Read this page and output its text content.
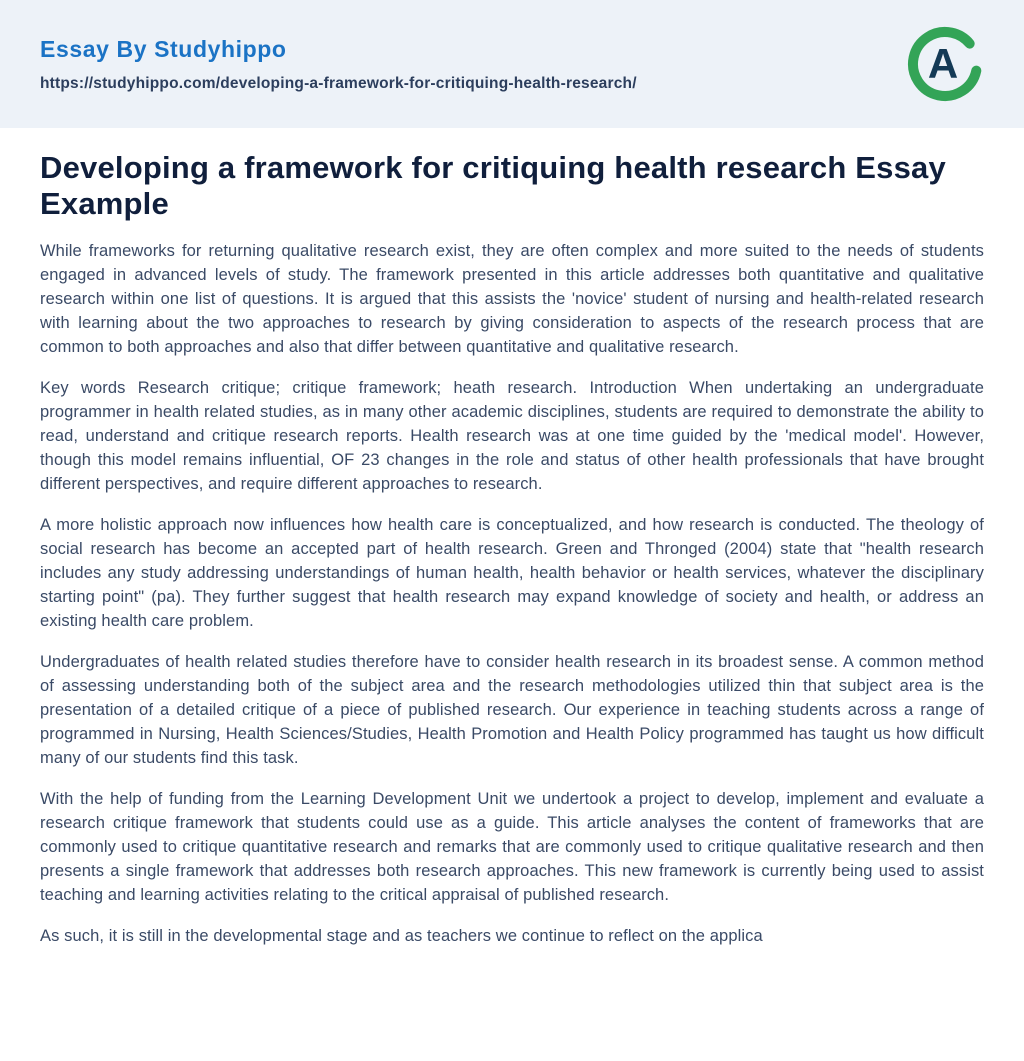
Essay By Studyhippo
https://studyhippo.com/developing-a-framework-for-critiquing-health-research/	A
Developing a framework for critiquing health research Essay Example

While frameworks for returning qualitative research exist, they are often complex and more suited to the needs of students engaged in advanced levels of study. The framework presented in this article addresses both quantitative and qualitative research within one list of questions. It is argued that this assists the 'novice' student of nursing and health-related research with learning about the two approaches to research by giving consideration to aspects of the research process that are common to both approaches and also that differ between quantitative and qualitative research.

Key words Research critique; critique framework; heath research. Introduction When undertaking an undergraduate programmer in health related studies, as in many other academic disciplines, students are required to demonstrate the ability to read, understand and critique research reports. Health research was at one time guided by the 'medical model'. However, though this model remains influential, OF 23 changes in the role and status of other health professionals that have brought different perspectives, and require different approaches to research.

A more holistic approach now influences how health care is conceptualized, and how research is conducted. The theology of social research has become an accepted part of health research. Green and Thronged (2004) state that "health research includes any study addressing understandings of human health, health behavior or health services, whatever the disciplinary starting point" (pa). They further suggest that health research may expand knowledge of society and health, or address an existing health care problem.

Undergraduates of health related studies therefore have to consider health research in its broadest sense. A common method of assessing understanding both of the subject area and the research methodologies utilized thin that subject area is the presentation of a detailed critique of a piece of published research. Our experience in teaching students across a range of programmed in Nursing, Health Sciences/Studies, Health Promotion and Health Policy programmed has taught us how difficult many of our students find this task.

With the help of funding from the Learning Development Unit we undertook a project to develop, implement and evaluate a research critique framework that students could use as a guide. This article analyses the content of frameworks that are commonly used to critique quantitative research and remarks that are commonly used to critique qualitative research and then presents a single framework that addresses both research approaches. This new framework is currently being used to assist teaching and learning activities relating to the critical appraisal of published research.

As such, it is still in the developmental stage and as teachers we continue to reflect on the applica
